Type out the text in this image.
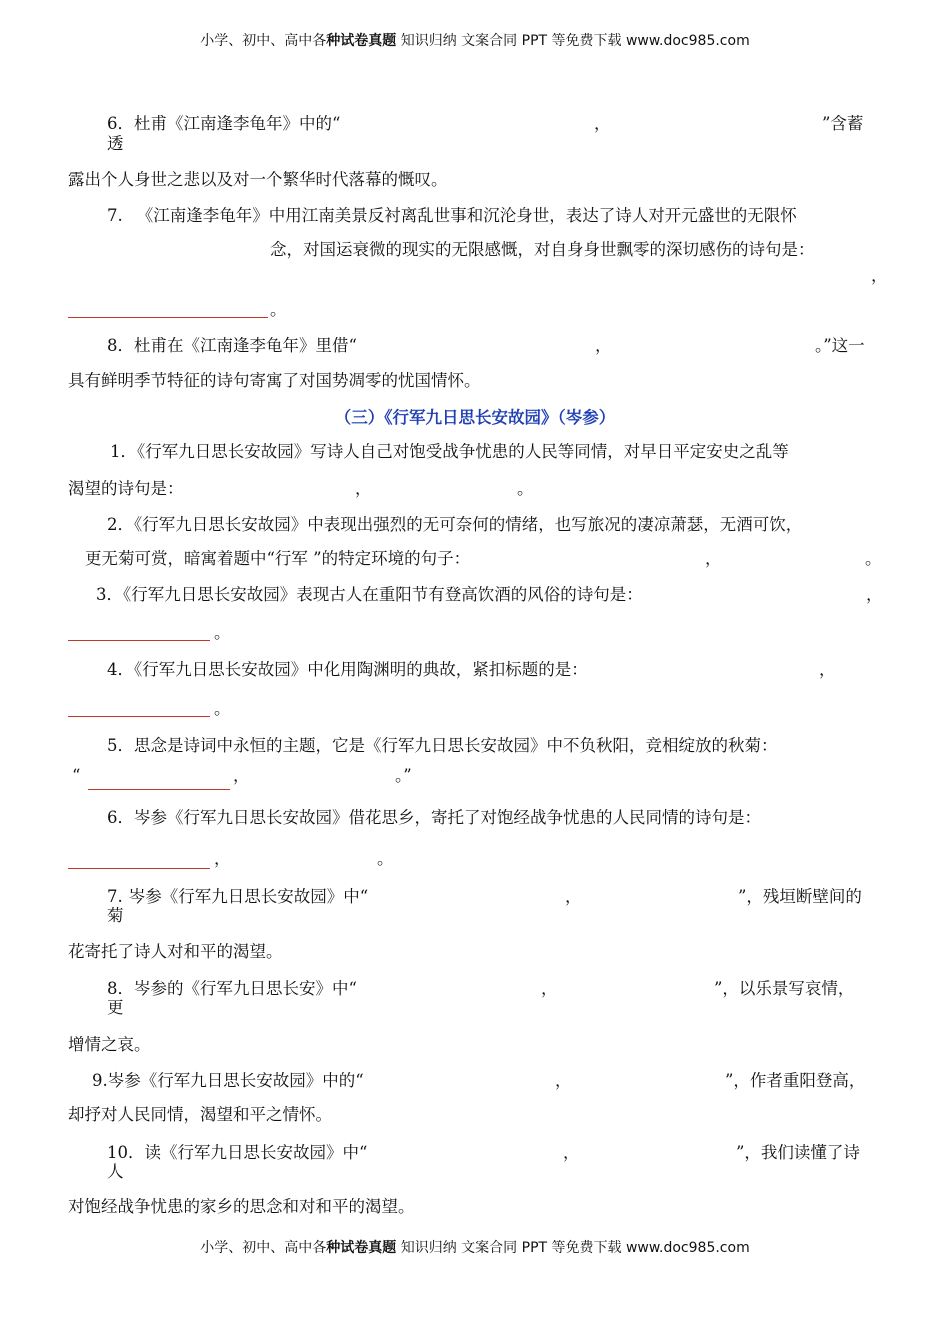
小学、初中、高中各种试卷真题 知识归纳 文案合同 PPT 等免费下载 www.doc985.com
6．杜甫《江南逢李龟年》中的“	，	”含蓄
透
露出个人身世之悲以及对一个繁华时代落幕的慨叹。
7. 《江南逢李龟年》中用江南美景反衬离乱世事和沉沦身世，表达了诗人对开元盛世的无限怀
念，对国运衰微的现实的无限感慨，对自身身世飘零的深切感伤的诗句是：
，
。
8．杜甫在《江南逢李龟年》里借“	，	。”这一
具有鲜明季节特征的诗句寄寓了对国势凋零的忧国情怀。
（三）《行军九日思长安故园》（岑参）
1．《行军九日思长安故园》写诗人自己对饱受战争忧患的人民等同情，对早日平定安史之乱等
渴望的诗句是：	，	。
2．《行军九日思长安故园》中表现出强烈的无可奈何的情绪，也写旅况的凄凉萧瑟，无酒可饮，
更无菊可赏，暗寓着题中“行军 ”的特定环境的句子：	，	。
3．《行军九日思长安故园》表现古人在重阳节有登高饮酒的风俗的诗句是：	，
。
4．《行军九日思长安故园》中化用陶渊明的典故，紧扣标题的是：	，
。
5．思念是诗词中永恒的主题，它是《行军九日思长安故园》中不负秋阳，竞相绽放的秋菊：
“	，	。”
6．岑参《行军九日思长安故园》借花思乡，寄托了对饱经战争忧患的人民同情的诗句是：
，	。
7. 岑参《行军九日思长安故园》中“	，	”，残垣断壁间的
菊
花寄托了诗人对和平的渴望。
8．岑参的《行军九日思长安》中“	，	”，以乐景写哀情，
更
增情之哀。
9.岑参《行军九日思长安故园》中的“	，	”，作者重阳登高，
却抒对人民同情，渴望和平之情怀。
10．读《行军九日思长安故园》中“	，	”，我们读懂了诗
人
对饱经战争忧患的家乡的思念和对和平的渴望。
小学、初中、高中各种试卷真题 知识归纳 文案合同 PPT 等免费下载 www.doc985.com
